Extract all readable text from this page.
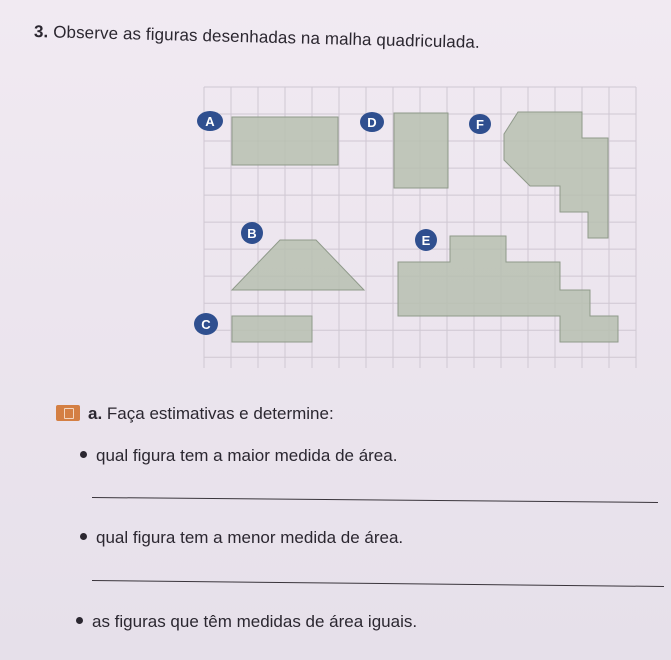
3. Observe as figuras desenhadas na malha quadriculada.
A
B
C
D
E
F
a. Faça estimativas e determine:
qual figura tem a maior medida de área.
qual figura tem a menor medida de área.
as figuras que têm medidas de área iguais.
